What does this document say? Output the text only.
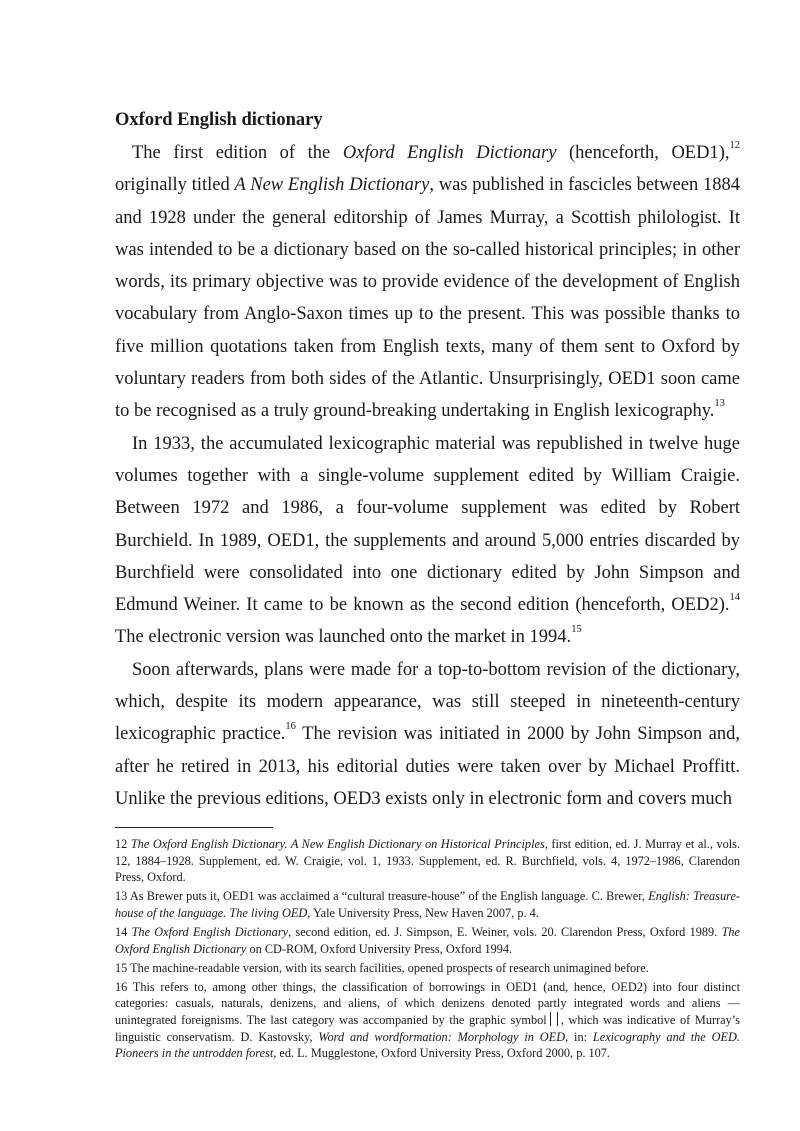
Oxford English dictionary

The first edition of the Oxford English Dictionary (henceforth, OED1),$^{12}$ originally titled A New English Dictionary, was published in fascicles between 1884 and 1928 under the general editorship of James Murray, a Scottish philologist. It was intended to be a dictionary based on the so-called historical principles; in other words, its primary objective was to provide evidence of the development of English vocabulary from Anglo-Saxon times up to the present. This was possible thanks to five million quotations taken from English texts, many of them sent to Oxford by voluntary readers from both sides of the Atlantic. Unsurprisingly, OED1 soon came to be recognised as a truly ground-breaking undertaking in English lexicography.$^{13}$

In 1933, the accumulated lexicographic material was republished in twelve huge volumes together with a single-volume supplement edited by William Craigie. Between 1972 and 1986, a four-volume supplement was edited by Robert Burchield. In 1989, OED1, the supplements and around 5,000 entries discarded by Burchfield were consolidated into one dictionary edited by John Simpson and Edmund Weiner. It came to be known as the second edition (henceforth, OED2).$^{14}$ The electronic version was launched onto the market in 1994.15

Soon afterwards, plans were made for a top-to-bottom revision of the dictionary, which, despite its modern appearance, was still steeped in nineteenth-century lexicographic practice.$^{16}$ The revision was initiated in 2000 by John Simpson and, after he retired in 2013, his editorial duties were taken over by Michael Proffitt. Unlike the previous editions, OED3 exists only in electronic form and covers much

12 The Oxford English Dictionary. A New English Dictionary on Historical Principles, first edition, ed. J. Murray et al., vols. 12, 1884–1928. Supplement, ed. W. Craigie, vol. 1, 1933. Supplement, ed. R. Burchfield, vols. 4, 1972–1986, Clarendon Press, Oxford.

13 As Brewer puts it, OED1 was acclaimed a “cultural treasure-house” of the English language. C. Brewer, English: Treasure-house of the language. The living OED, Yale University Press, New Haven 2007, p. 4.

14 The Oxford English Dictionary, second edition, ed. J. Simpson, E. Weiner, vols. 20. Clarendon Press, Oxford 1989. The Oxford English Dictionary on CD-ROM, Oxford University Press, Oxford 1994.

15 The machine-readable version, with its search facilities, opened prospects of research unimagined before.

16 This refers to, among other things, the classification of borrowings in OED1 (and, hence, OED2) into four distinct categories: casuals, naturals, denizens, and aliens, of which denizens denoted partly integrated words and aliens — unintegrated foreignisms. The last category was accompanied by the graphic symbol , which was indicative of Murray’s linguistic conservatism. D. Kastovsky, Word and wordformation: Morphology in OED, in: Lexicography and the OED. Pioneers in the untrodden forest, ed. L. Mugglestone, Oxford University Press, Oxford 2000, p. 107.
